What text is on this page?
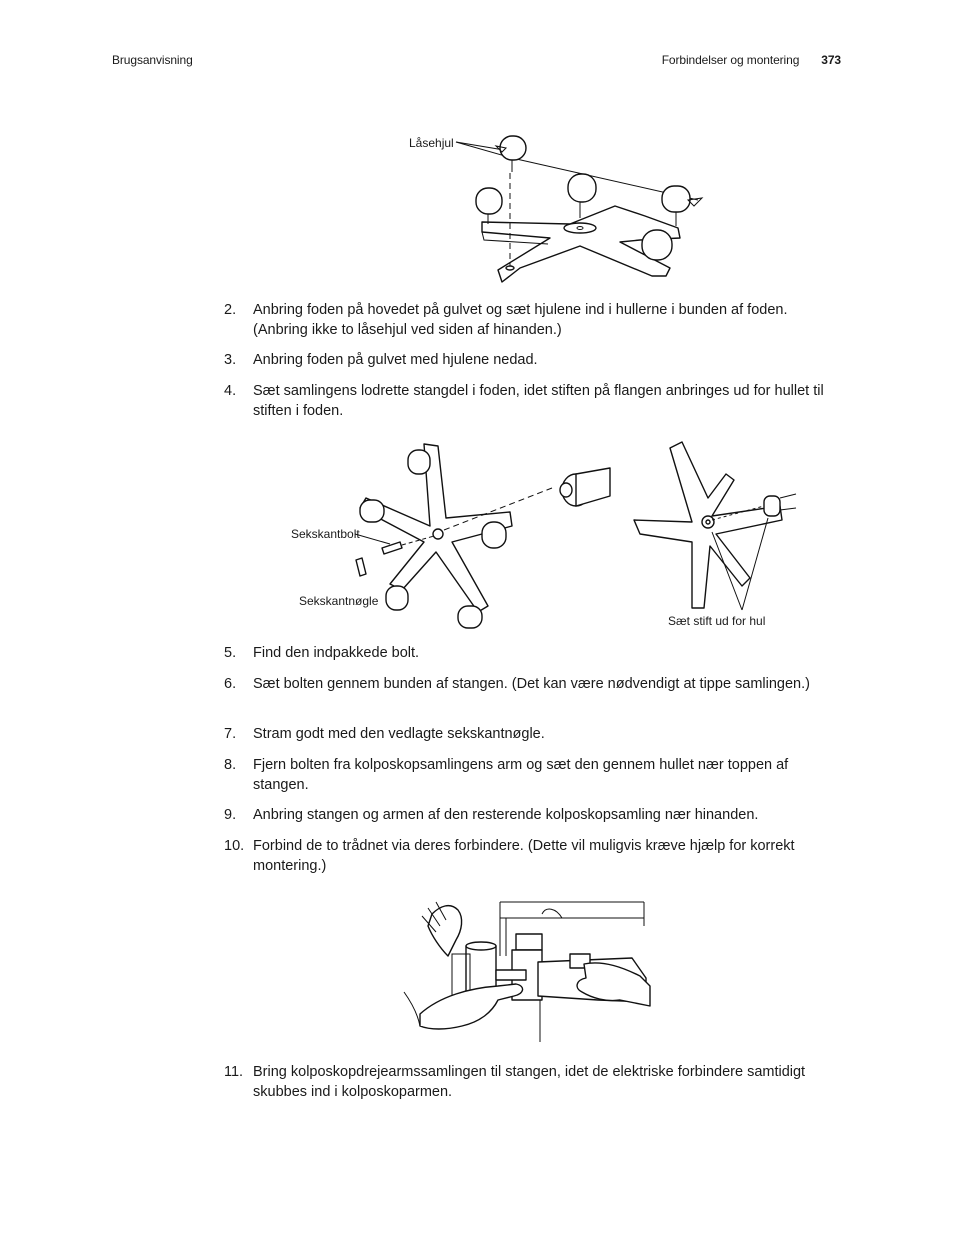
Brugsanvisning	Forbindelser og montering 373
Låsehjul
2. Anbring foden på hovedet på gulvet og sæt hjulene ind i hullerne i bunden af foden. (Anbring ikke to låsehjul ved siden af hinanden.)
3. Anbring foden på gulvet med hjulene nedad.
4. Sæt samlingens lodrette stangdel i foden, idet stiften på flangen anbringes ud for hullet til stiften i foden.
Sekskantbolt
Sekskantnøgle
Sæt stift ud for hul
5. Find den indpakkede bolt.
6. Sæt bolten gennem bunden af stangen. (Det kan være nødvendigt at tippe samlingen.)
7. Stram godt med den vedlagte sekskantnøgle.
8. Fjern bolten fra kolposkopsamlingens arm og sæt den gennem hullet nær toppen af stangen.
9. Anbring stangen og armen af den resterende kolposkopsamling nær hinanden.
10. Forbind de to trådnet via deres forbindere. (Dette vil muligvis kræve hjælp for korrekt montering.)
11. Bring kolposkopdrejearmssamlingen til stangen, idet de elektriske forbindere samtidigt skubbes ind i kolposkoparmen.
